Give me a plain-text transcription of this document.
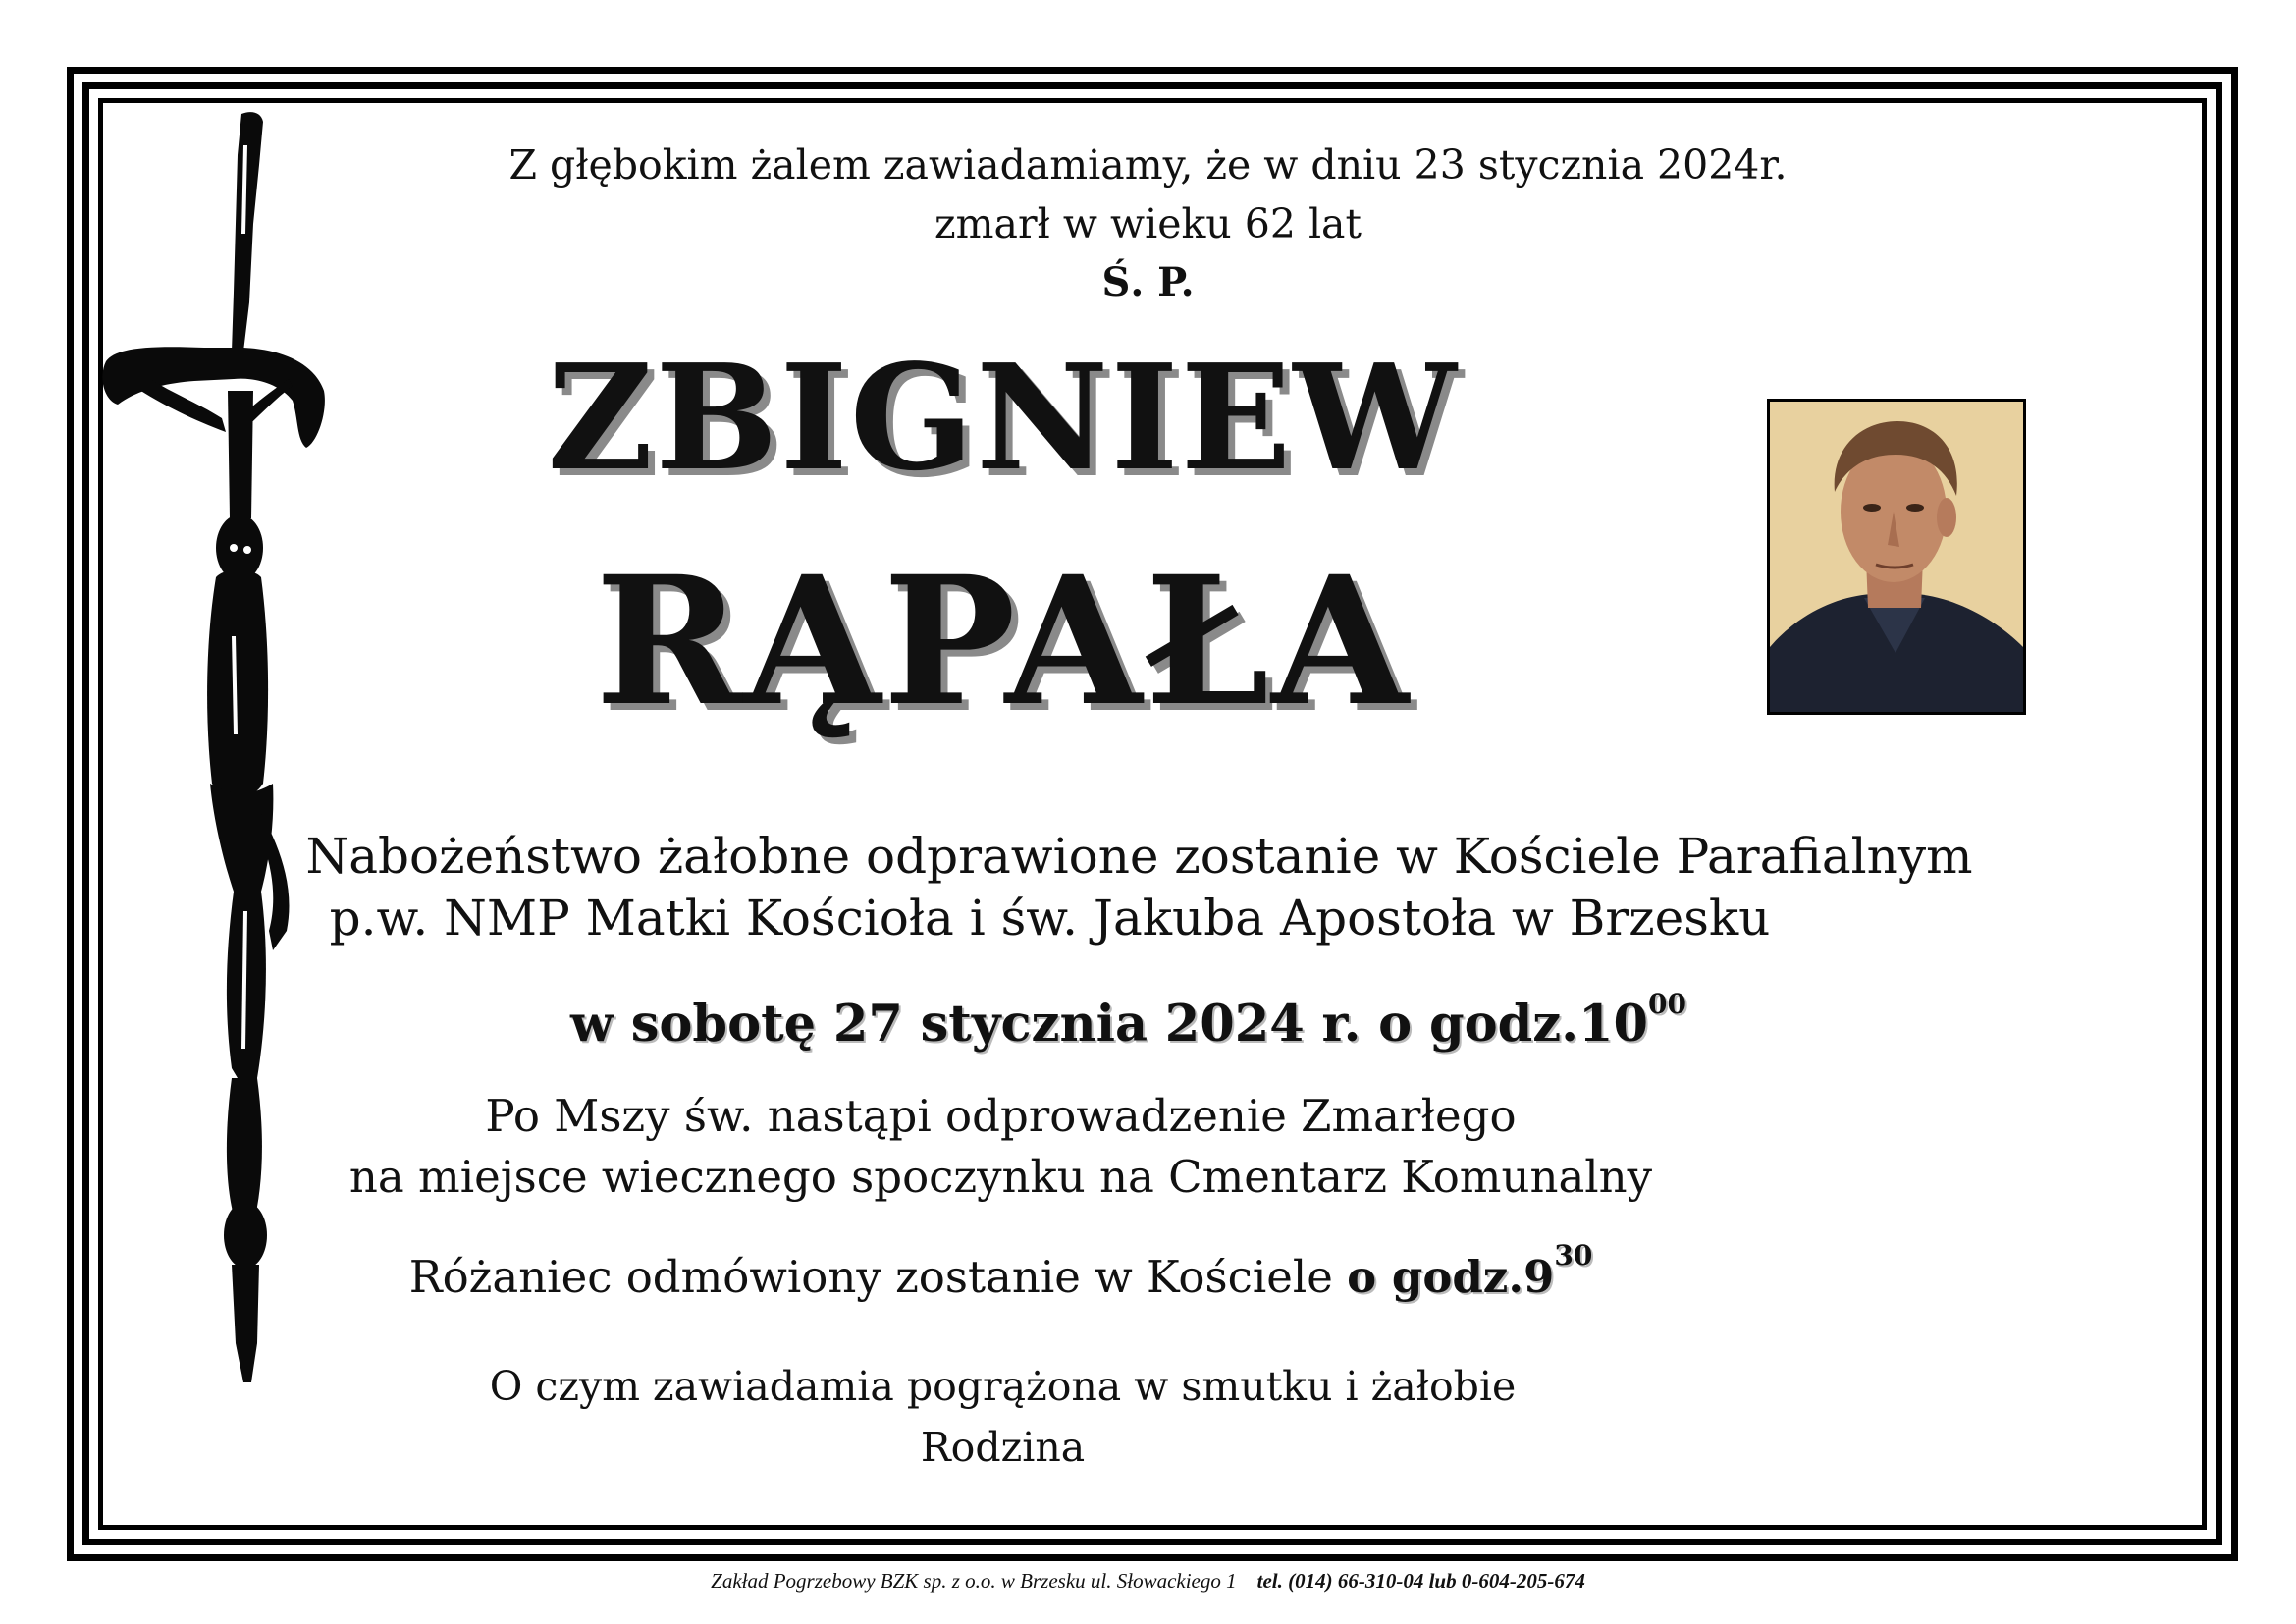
Z głębokim żalem zawiadamiamy, że w dniu 23 stycznia 2024r.
zmarł w wieku 62 lat
Ś. P.
ZBIGNIEW
RĄPAŁA
Nabożeństwo żałobne odprawione zostanie w Kościele Parafialnym
p.w. NMP Matki Kościoła i św. Jakuba Apostoła w Brzesku
w sobotę 27 stycznia 2024 r. o $godz.10^{00}$
Po Mszy św. nastąpi odprowadzenie Zmarłego
na miejsce wiecznego spoczynku na Cmentarz Komunalny
Różaniec odmówiony zostanie w Kościele o $godz.9^{30}$
O czym zawiadamia pogrążona w smutku i żałobie
Rodzina
Zakład Pogrzebowy BZK sp. z o.o. w Brzesku ul. Słowackiego 1 tel. (014) 66-310-04 lub 0-604-205-674
